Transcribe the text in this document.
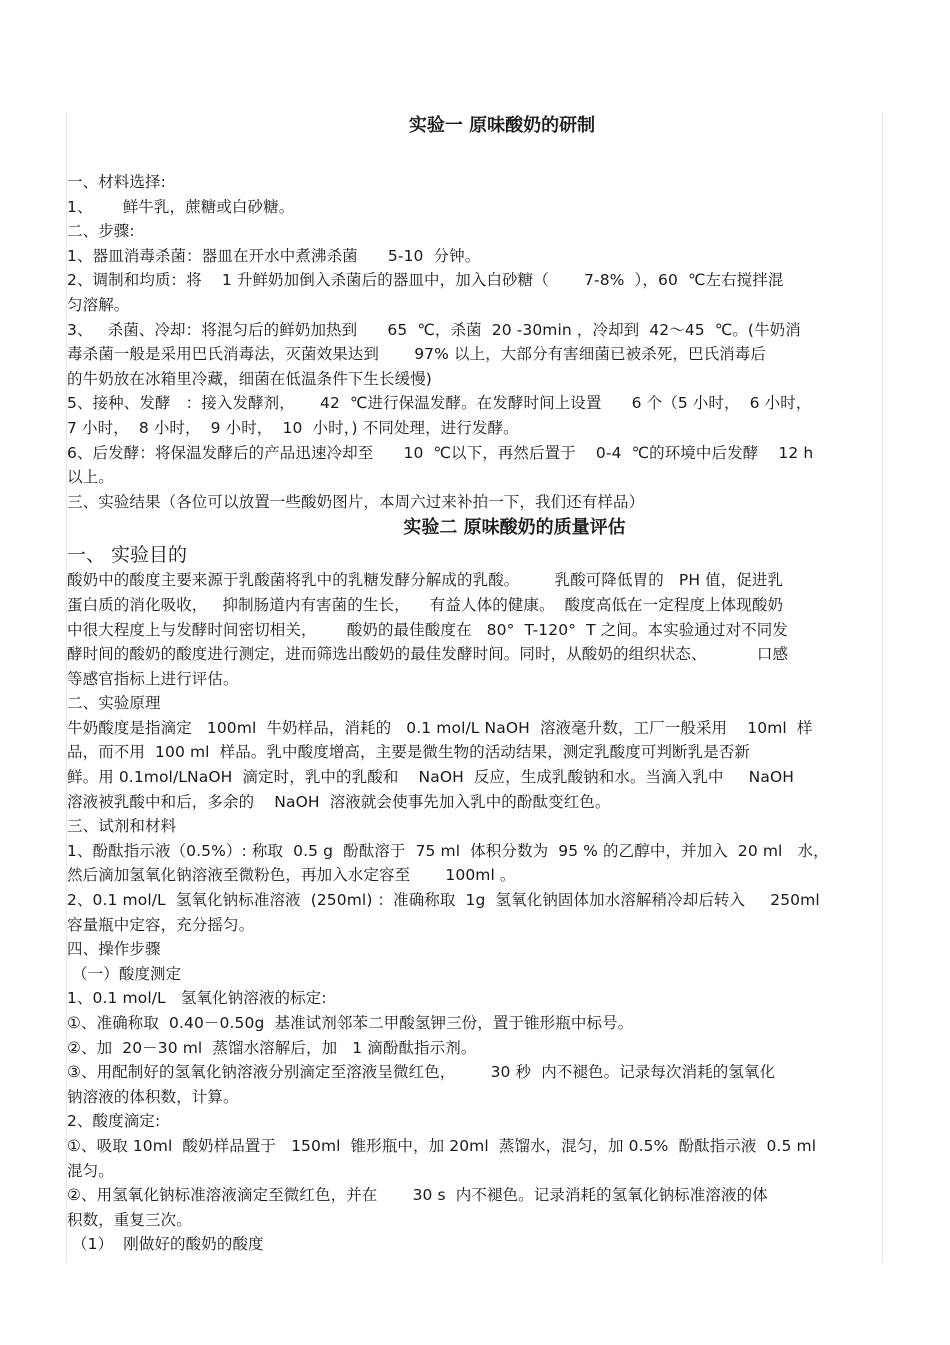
实验一 原味酸奶的研制

一、材料选择:

1、      鲜牛乳，蔗糖或白砂糖。

二、步骤:

1、器皿消毒杀菌：器皿在开水中煮沸杀菌      5-10  分钟。

2、调制和均质：将    1 升鲜奶加倒入杀菌后的器皿中，加入白砂糖（       7-8%  ），60  ℃左右搅拌混

匀溶解。

3、   杀菌、冷却：将混匀后的鲜奶加热到      65  ℃，杀菌  20 -30min ，冷却到  42～45  ℃。(牛奶消

毒杀菌一般是采用巴氏消毒法，灭菌效果达到       97% 以上，大部分有害细菌已被杀死，巴氏消毒后

的牛奶放在冰箱里冷藏，细菌在低温条件下生长缓慢)

5、接种、发酵   ：接入发酵剂，     42  ℃进行保温发酵。在发酵时间上设置      6 个（5 小时，  6 小时，

7 小时，  8 小时，  9 小时，  10  小时，) 不同处理，进行发酵。

6、后发酵：将保温发酵后的产品迅速冷却至      10  ℃以下，再然后置于    0-4  ℃的环境中后发酵    12 h

以上。

三、实验结果（各位可以放置一些酸奶图片，本周六过来补拍一下，我们还有样品）

实验二 原味酸奶的质量评估
一、 实验目的

酸奶中的酸度主要来源于乳酸菌将乳中的乳糖发酵分解成的乳酸。       乳酸可降低胃的   PH 值，促进乳

蛋白质的消化吸收，   抑制肠道内有害菌的生长，    有益人体的健康。  酸度高低在一定程度上体现酸奶

中很大程度上与发酵时间密切相关，      酸奶的最佳酸度在   80°  T-120°  T 之间。本实验通过对不同发

酵时间的酸奶的酸度进行测定，进而筛选出酸奶的最佳发酵时间。同时，从酸奶的组织状态、          口感

等感官指标上进行评估。

二、实验原理

牛奶酸度是指滴定   100ml  牛奶样品，消耗的   0.1 mol/L NaOH  溶液毫升数，工厂一般采用    10ml  样

品，而不用  100 ml  样品。乳中酸度增高，主要是微生物的活动结果，测定乳酸度可判断乳是否新

鲜。用 0.1mol/LNaOH  滴定时，乳中的乳酸和    NaOH  反应，生成乳酸钠和水。当滴入乳中     NaOH

溶液被乳酸中和后，多余的    NaOH  溶液就会使事先加入乳中的酚酞变红色。

三、试剂和材料

1、酚酞指示液（0.5%）: 称取  0.5 g  酚酞溶于  75 ml  体积分数为  95 % 的乙醇中，并加入  20 ml   水，

然后滴加氢氧化钠溶液至微粉色，再加入水定容至       100ml 。

2、0.1 mol/L  氢氧化钠标准溶液  (250ml) ：准确称取  1g  氢氧化钠固体加水溶解稍冷却后转入     250ml

容量瓶中定容，充分摇匀。

四、操作步骤

（一）酸度测定

1、0.1 mol/L   氢氧化钠溶液的标定:

①、准确称取  0.40－0.50g  基准试剂邻苯二甲酸氢钾三份，置于锥形瓶中标号。

②、加  20－30 ml  蒸馏水溶解后，加   1 滴酚酞指示剂。

③、用配制好的氢氧化钠溶液分别滴定至溶液呈微红色，       30 秒  内不褪色。记录每次消耗的氢氧化

钠溶液的体积数，计算。

2、酸度滴定:

①、吸取 10ml  酸奶样品置于   150ml  锥形瓶中，加 20ml  蒸馏水，混匀，加 0.5%  酚酞指示液  0.5 ml

混匀。

②、用氢氧化钠标准溶液滴定至微红色，并在       30 s  内不褪色。记录消耗的氢氧化钠标准溶液的体

积数，重复三次。

（1）  刚做好的酸奶的酸度
